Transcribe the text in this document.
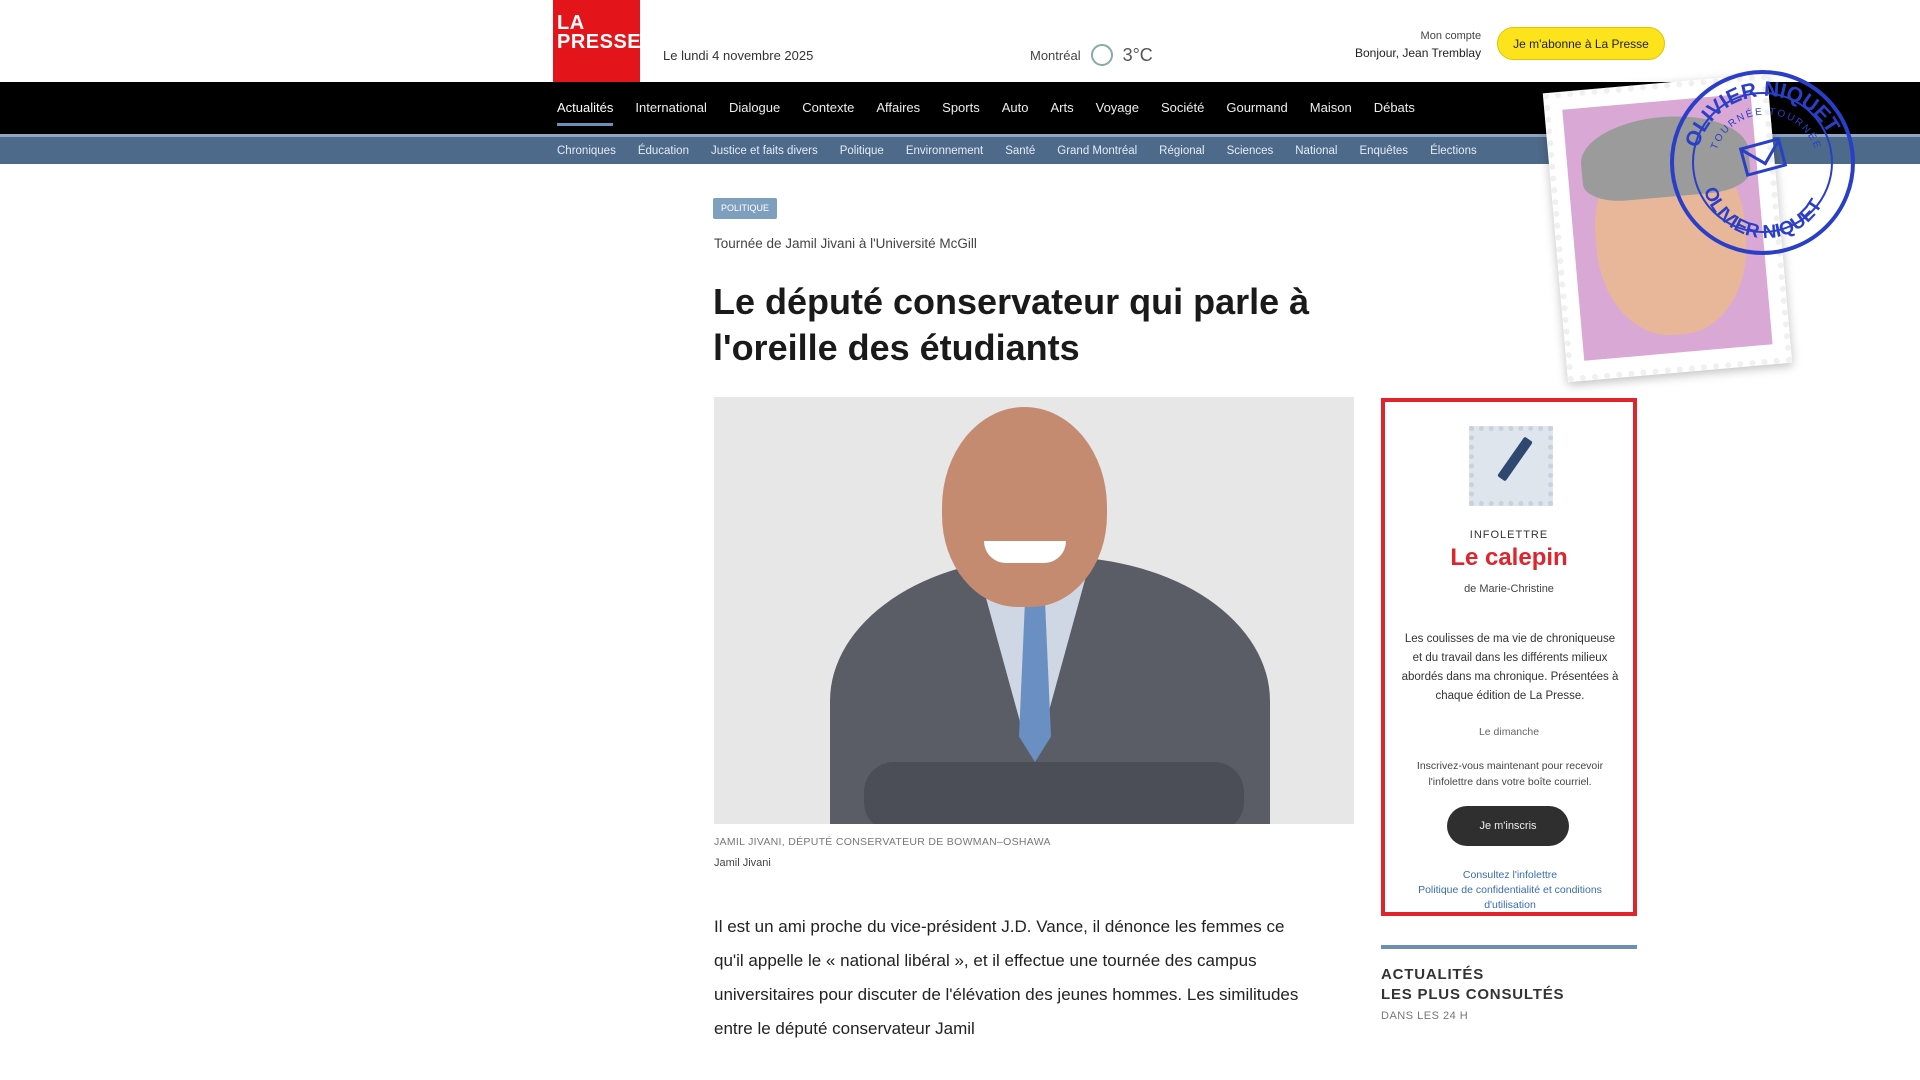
LA
PRESSE
Le lundi 4 novembre 2025	Montréal 3°C
Mon compte
Bonjour, Jean Tremblay
Je m'abonne à La Presse
Actualités	International	Dialogue	Contexte	Affaires	Sports	Auto	Arts	Voyage	Société	Gourmand	Maison	Débats
Chroniques Éducation Justice et faits divers Politique Environnement Santé Grand Montréal Régional Sciences National Enquêtes Élections
OLIVIER NIQUET
OLIVIER NIQUET
TOURNÉE TOURNÉE
POLITIQUE
Tournée de Jamil Jivani à l'Université McGill
Le député conservateur qui parle à l'oreille des étudiants
JAMIL JIVANI, DÉPUTÉ CONSERVATEUR DE BOWMAN–OSHAWA
Jamil Jivani

Il est un ami proche du vice-président J.D. Vance, il dénonce les femmes ce qu'il appelle le « national libéral », et il effectue une tournée des campus universitaires pour discuter de l'élévation des jeunes hommes. Les similitudes entre le député conservateur Jamil

INFOLETTRE
Le calepin
de Marie-Christine
Les coulisses de ma vie de chroniqueuse et du travail dans les différents milieux abordés dans ma chronique. Présentées à chaque édition de La Presse.
Le dimanche
Inscrivez-vous maintenant pour recevoir l'infolettre dans votre boîte courriel.
Je m'inscris
Consultez l'infolettre
Politique de confidentialité et conditions d'utilisation
ACTUALITÉS
LES PLUS CONSULTÉS
DANS LES 24 H
